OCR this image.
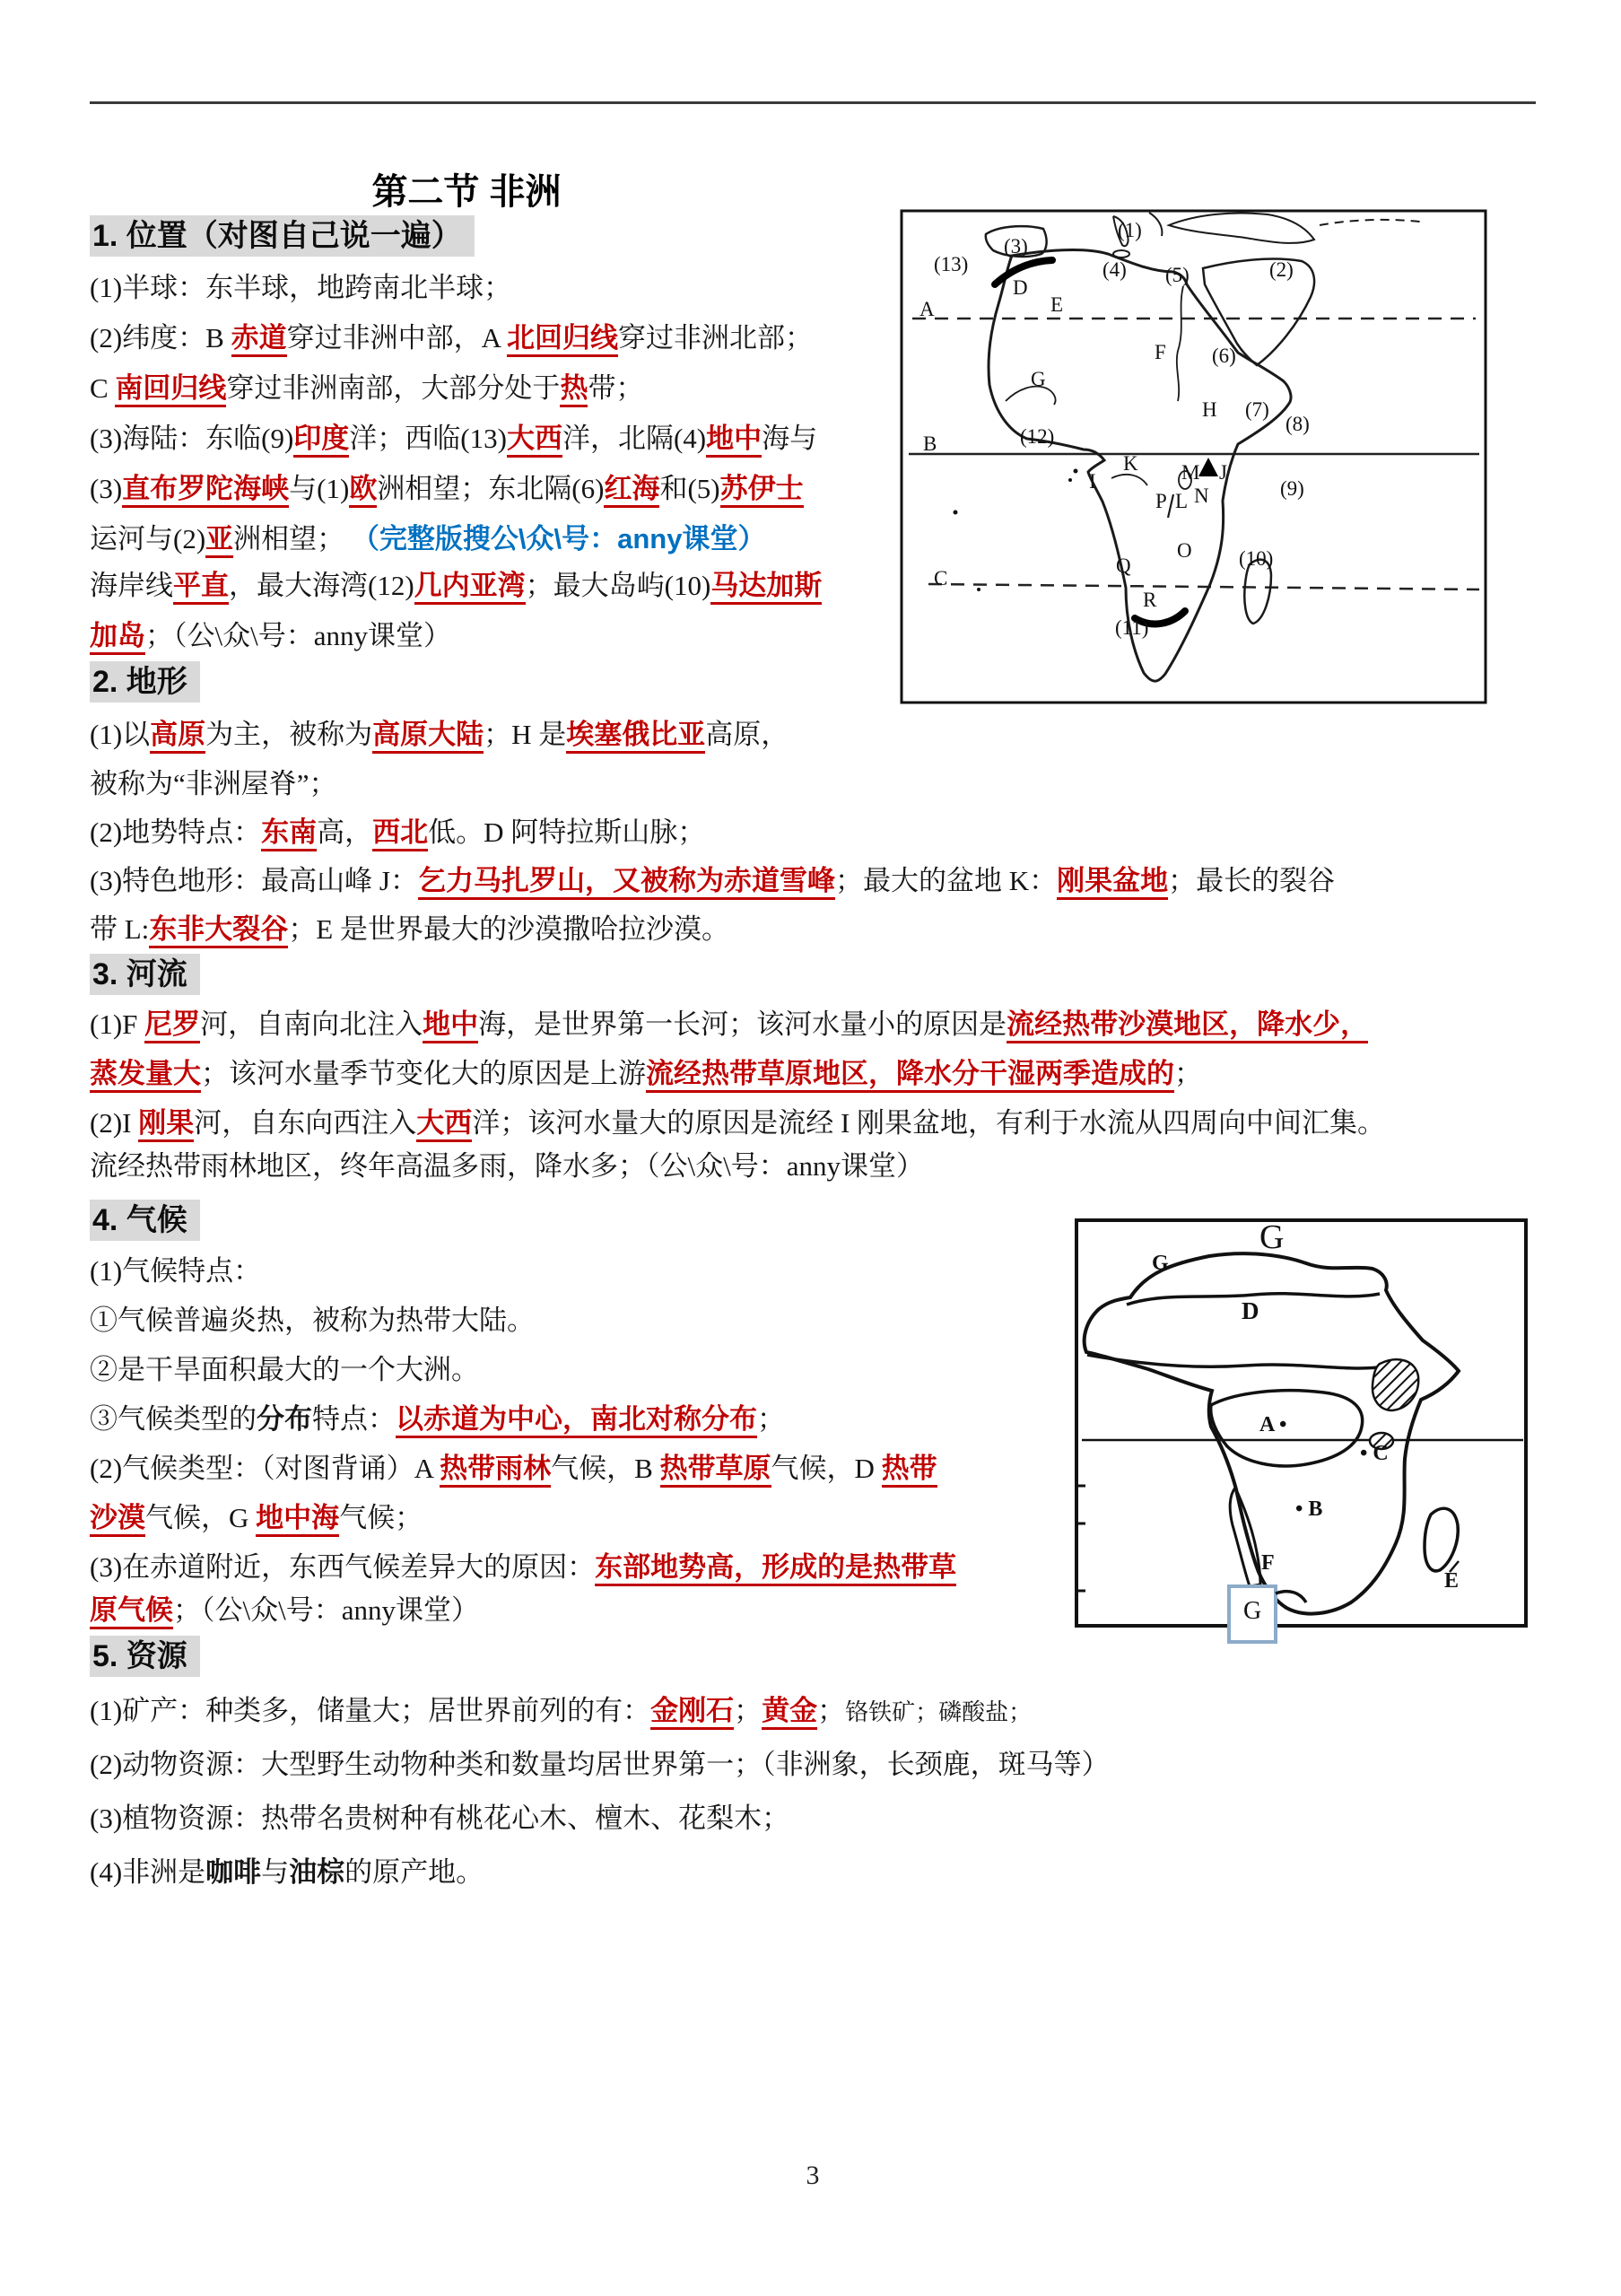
第二节 非洲
1. 位置（对图自己说一遍）
(1)半球：东半球，地跨南北半球；
(2)纬度：B 赤道穿过非洲中部，A 北回归线穿过非洲北部；
C 南回归线穿过非洲南部，大部分处于热带；
(3)海陆：东临(9)印度洋；西临(13)大西洋，北隔(4)地中海与
(3)直布罗陀海峡与(1)欧洲相望；东北隔(6)红海和(5)苏伊士
运河与(2)亚洲相望； （完整版搜公\众\号：anny课堂）
海岸线平直，最大海湾(12)几内亚湾；最大岛屿(10)马达加斯
加岛；（公\众\号：anny课堂）
(1)
(2)
(3)
(4) (5)
(6)
(7)
(8)
(9)
(10)
(11)
(12)
(13)
A
B
C
D
E
F
G
H
I	J
K
L
M
N
O
P
Q
R
2. 地形
(1)以高原为主，被称为高原大陆；H 是埃塞俄比亚高原，
被称为“非洲屋脊”；
(2)地势特点：东南高，西北低。D 阿特拉斯山脉；
(3)特色地形：最高山峰 J：乞力马扎罗山，又被称为赤道雪峰；最大的盆地 K：刚果盆地；最长的裂谷
带 L:东非大裂谷；E 是世界最大的沙漠撒哈拉沙漠。
3. 河流
(1)F 尼罗河，自南向北注入地中海，是世界第一长河；该河水量小的原因是流经热带沙漠地区，降水少，
蒸发量大；该河水量季节变化大的原因是上游流经热带草原地区，降水分干湿两季造成的；
(2)I 刚果河，自东向西注入大西洋；该河水量大的原因是流经 I 刚果盆地，有利于水流从四周向中间汇集。
流经热带雨林地区，终年高温多雨，降水多；（公\众\号：anny课堂）
4. 气候
(1)气候特点：
①气候普遍炎热，被称为热带大陆。
②是干旱面积最大的一个大洲。
③气候类型的分布特点：以赤道为中心，南北对称分布；
(2)气候类型：（对图背诵）A 热带雨林气候，B 热带草原气候，D 热带
沙漠气候，G 地中海气候；
(3)在赤道附近，东西气候差异大的原因：东部地势高，形成的是热带草
原气候；（公\众\号：anny课堂）
G
G
D
A •
• C
• B
F
E
G
5. 资源
(1)矿产：种类多，储量大；居世界前列的有：金刚石；黄金；铬铁矿；磷酸盐；
(2)动物资源：大型野生动物种类和数量均居世界第一；（非洲象，长颈鹿，斑马等）
(3)植物资源：热带名贵树种有桃花心木、檀木、花梨木；
(4)非洲是咖啡与油棕的原产地。
3
